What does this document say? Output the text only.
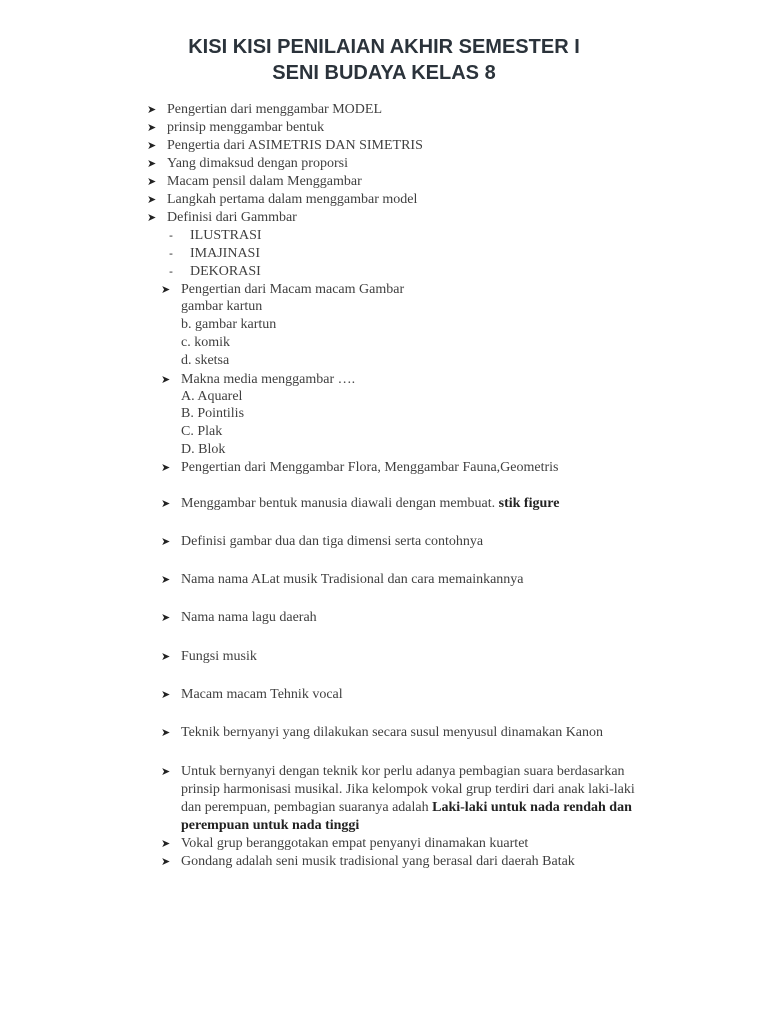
KISI KISI PENILAIAN AKHIR SEMESTER I
SENI BUDAYA KELAS 8
➤ Pengertian dari menggambar MODEL
➤ prinsip menggambar bentuk
➤ Pengertia dari ASIMETRIS DAN SIMETRIS
➤ Yang dimaksud dengan proporsi
➤ Macam pensil dalam Menggambar
➤ Langkah pertama dalam menggambar model
➤ Definisi dari Gammbar
- ILUSTRASI
- IMAJINASI
- DEKORASI
➤ Pengertian dari Macam macam Gambar
gambar kartun
b. gambar kartun
c. komik
d. sketsa
➤ Makna media menggambar ….
A. Aquarel
B. Pointilis
C. Plak
D. Blok
➤ Pengertian dari Menggambar Flora, Menggambar Fauna,Geometris
➤ Menggambar bentuk manusia diawali dengan membuat. stik figure
➤ Definisi gambar dua dan tiga dimensi serta contohnya
➤ Nama nama ALat musik Tradisional dan cara memainkannya
➤ Nama nama lagu daerah
➤ Fungsi musik
➤ Macam macam Tehnik vocal
➤ Teknik bernyanyi yang dilakukan secara susul menyusul dinamakan Kanon
➤ Untuk bernyanyi dengan teknik kor perlu adanya pembagian suara berdasarkan
prinsip harmonisasi musikal. Jika kelompok vokal grup terdiri dari anak laki-laki
dan perempuan, pembagian suaranya adalah Laki-laki untuk nada rendah dan
perempuan untuk nada tinggi
➤ Vokal grup beranggotakan empat penyanyi dinamakan kuartet
➤ Gondang adalah seni musik tradisional yang berasal dari daerah Batak
